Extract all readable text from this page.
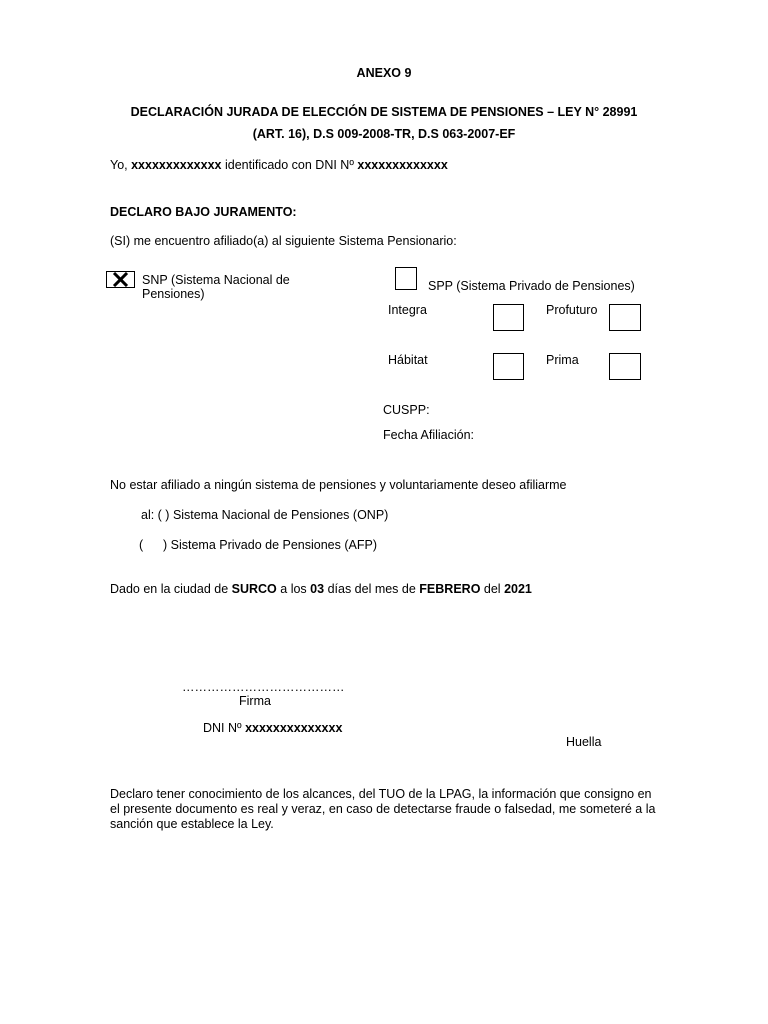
ANEXO 9
DECLARACIÓN JURADA DE ELECCIÓN DE SISTEMA DE PENSIONES – LEY N° 28991
(ART. 16), D.S 009-2008-TR, D.S 063-2007-EF
Yo, xxxxxxxxxxxxx identificado con DNI Nº xxxxxxxxxxxxx
DECLARO BAJO JURAMENTO:
(SI) me encuentro afiliado(a) al siguiente Sistema Pensionario:
SNP (Sistema Nacional de
Pensiones)
SPP (Sistema Privado de Pensiones)
Integra	Profuturo
Hábitat	Prima
CUSPP:
Fecha Afiliación:
No estar afiliado a ningún sistema de pensiones y voluntariamente deseo afiliarme
al: ( ) Sistema Nacional de Pensiones (ONP)
( ) Sistema Privado de Pensiones (AFP)
Dado en la ciudad de SURCO a los 03 días del mes de FEBRERO del 2021
…………………………………
Firma
DNI Nº xxxxxxxxxxxxxx
Huella
Declaro tener conocimiento de los alcances, del TUO de la LPAG, la información que consigno en
el presente documento es real y veraz, en caso de detectarse fraude o falsedad, me someteré a la
sanción que establece la Ley.
